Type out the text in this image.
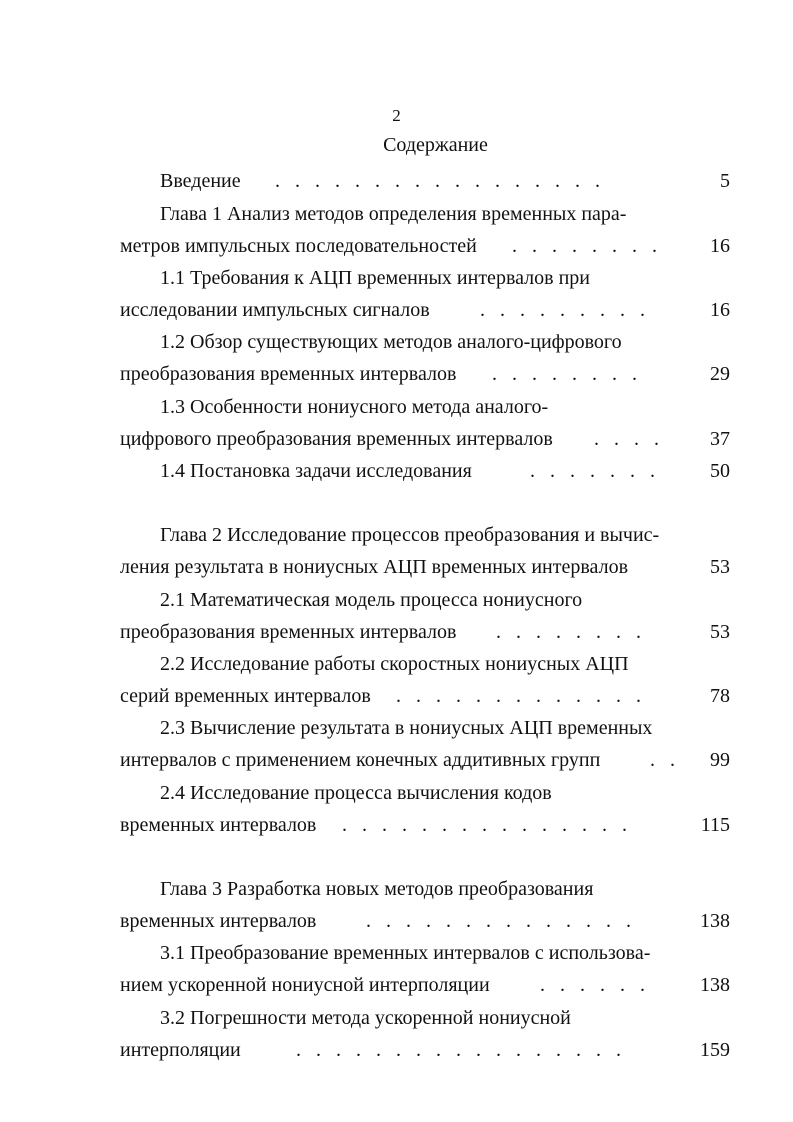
2
Содержание
Введение .   .   .   .   .   .   .   .   .   .   .   .   .   .   .   .   .	5
Глава 1 Анализ методов определения временных пара-
метров импульсных последовательностей .   .   .   .   .   .   .   .	16
1.1 Требования к АЦП временных интервалов при
исследовании импульсных сигналов	.   .   .   .   .   .   .   .   .	16
1.2 Обзор существующих методов аналого-цифрового
преобразования временных интервалов .   .   .   .   .   .   .   .	29
1.3 Особенности нониусного метода аналого-
цифрового преобразования временных интервалов .   .   .   .	37
1.4 Постановка задачи исследования	.   .   .   .   .   .   .	50
Глава 2 Исследование процессов преобразования и вычис-
ления результата в нониусных АЦП временных интервалов	53
2.1 Математическая модель процесса нониусного
преобразования временных интервалов .   .   .   .   .   .   .   .	53
2.2 Исследование работы скоростных нониусных АЦП
серий временных интервалов .   .   .   .   .   .   .   .   .   .   .   .   .	78
2.3 Вычисление результата в нониусных АЦП временных
интервалов с применением конечных аддитивных групп .   .	99
2.4 Исследование процесса вычисления кодов
временных интервалов .   .   .   .   .   .   .   .   .   .   .   .   .   .   .	115
Глава 3 Разработка новых методов преобразования
временных интервалов .   .   .   .   .   .   .   .   .   .   .   .   .   .	138
3.1 Преобразование временных интервалов с использова-
нием ускоренной нониусной интерполяции	.   .   .   .   .   .	138
3.2 Погрешности метода ускоренной нониусной
интерполяции	.   .   .   .   .   .   .   .   .   .   .   .   .   .   .   .   .	159
